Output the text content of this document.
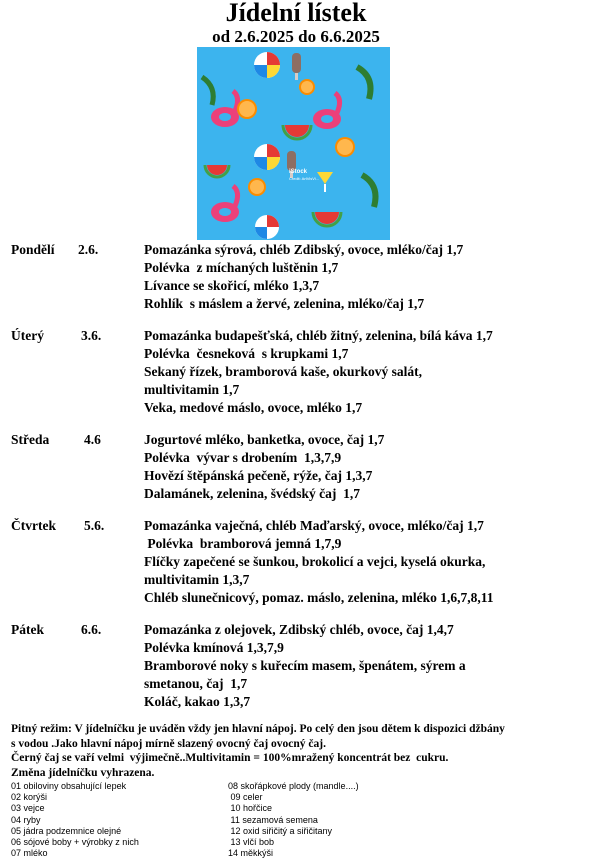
Jídelní lístek
od 2.6.2025 do 6.6.2025
iStock
Credit: ArtVisVi...
Pondělí 2.6.	Pomazánka sýrová, chléb Zdibský, ovoce, mléko/čaj 1,7
Polévka  z míchaných luštěnin 1,7
Lívance se skořicí, mléko 1,3,7
Rohlík  s máslem a žervé, zelenina, mléko/čaj 1,7
Úterý	3.6.	Pomazánka budapešťská, chléb žitný, zelenina, bílá káva 1,7
Polévka  česneková  s krupkami 1,7
Sekaný řízek, bramborová kaše, okurkový salát,
multivitamin 1,7
Veka, medové máslo, ovoce, mléko 1,7
Středa	4.6	Jogurtové mléko, banketka, ovoce, čaj 1,7
Polévka  vývar s drobením  1,3,7,9
Hovězí štěpánská pečeně, rýže, čaj 1,3,7
Dalamánek, zelenina, švédský čaj  1,7
Čtvrtek 5.6.	Pomazánka vaječná, chléb Maďarský, ovoce, mléko/čaj 1,7
Polévka  bramborová jemná 1,7,9
Flíčky zapečené se šunkou, brokolicí a vejci, kyselá okurka,
multivitamin 1,3,7
Chléb slunečnicový, pomaz. máslo, zelenina, mléko 1,6,7,8,11
Pátek	6.6.	Pomazánka z olejovek, Zdibský chléb, ovoce, čaj 1,4,7
Polévka kmínová 1,3,7,9
Bramborové noky s kuřecím masem, špenátem, sýrem a
smetanou, čaj  1,7
Koláč, kakao 1,3,7
Pitný režim: V jídelníčku je uváděn vždy jen hlavní nápoj. Po celý den jsou dětem k dispozici džbány
s vodou .Jako hlavní nápoj mírně slazený ovocný čaj ovocný čaj.
Černý čaj se vaří velmi  výjimečně..Multivitamin = 100%mražený koncentrát bez  cukru.
Změna jídelníčku vyhrazena.
01 obiloviny obsahující lepek	08 skořápkové plody (mandle....)
02 korýši	09 celer
03 vejce	10 hořčice
04 ryby	11 sezamová semena
05 jádra podzemnice olejné	12 oxid siřičitý a siřičitany
06 sójové boby + výrobky z nich	13 vlčí bob
07 mléko	14 měkkýši
